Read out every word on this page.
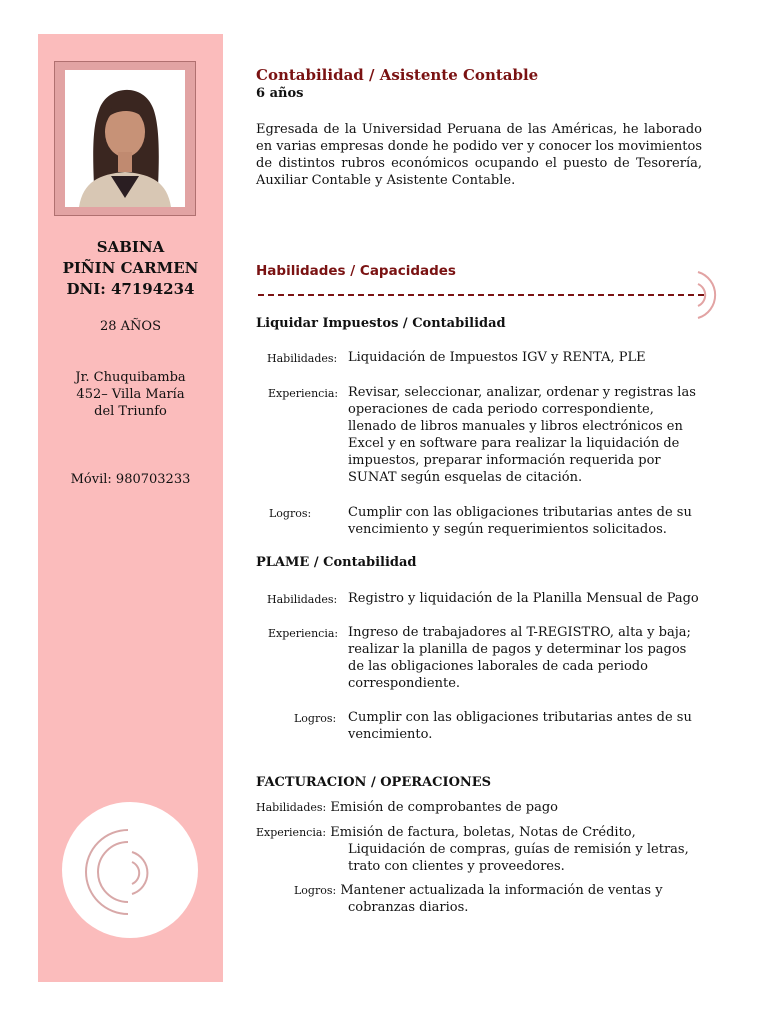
SABINA
PIÑIN CARMEN
DNI: 47194234
28 AÑOS
Jr. Chuquibamba
452– Villa María
del Triunfo
Móvil: 980703233
Contabilidad / Asistente Contable
6 años
Egresada de la Universidad Peruana de las Américas, he laborado en varias empresas donde he podido ver y conocer los movimientos de distintos rubros económicos ocupando el puesto de Tesorería, Auxiliar Contable y Asistente Contable.
Habilidades / Capacidades
Liquidar Impuestos / Contabilidad
Habilidades: Liquidación de Impuestos IGV y RENTA, PLE
Experiencia: Revisar, seleccionar, analizar, ordenar y registras las operaciones de cada periodo correspondiente, llenado de libros manuales y libros electrónicos en Excel y en software para realizar la liquidación de impuestos, preparar información requerida por SUNAT según esquelas de citación.
Logros:	Cumplir con las obligaciones tributarias antes de su vencimiento y según requerimientos solicitados.
PLAME / Contabilidad
Habilidades: Registro y liquidación de la Planilla Mensual de Pago
Experiencia: Ingreso de trabajadores al T-REGISTRO, alta y baja; realizar la planilla de pagos y determinar los pagos de las obligaciones laborales de cada periodo correspondiente.
Logros: Cumplir con las obligaciones tributarias antes de su vencimiento.
FACTURACION / OPERACIONES
Habilidades: Emisión de comprobantes de pago
Experiencia: Emisión de factura, boletas, Notas de Crédito,
Liquidación de compras, guías de remisión y letras, trato con clientes y proveedores.
Logros: Mantener actualizada la información de ventas y
cobranzas diarios.
